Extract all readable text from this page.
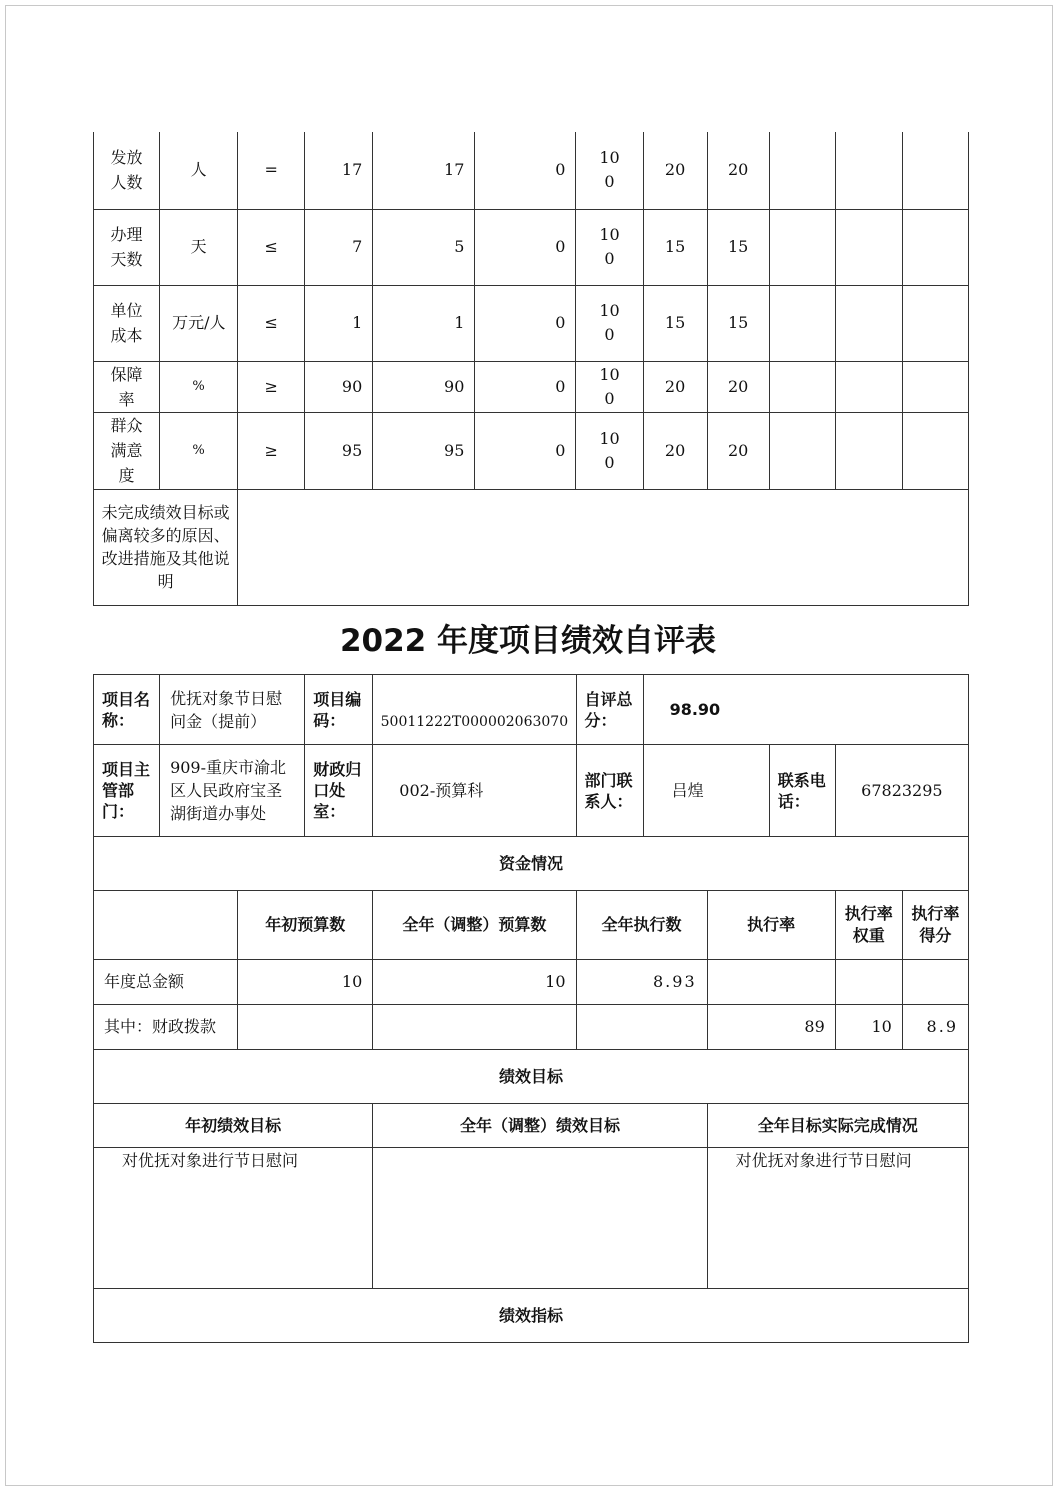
发放人数	人	=	17	17	0	100	20	20			
办理天数	天	≤	7	5	0	100	15	15			
单位成本	万元/人	≤	1	1	0	100	15	15			
保障率	%	≥	90	90	0	100	20	20			
群众满意度	%	≥	95	95	0	100	20	20			
未完成绩效目标或偏离较多的原因、改进措施及其他说明											
2022 年度项目绩效自评表
项目名称：	优抚对象节日慰问金（提前）		项目编码：	50011222T000002063070	自评总分：	98.90				
项目主管部门：	909-重庆市渝北区人民政府宝圣湖街道办事处		财政归口处室：	002-预算科	部门联系人：	吕煌		联系电话：	67823295	
资金情况										
		年初预算数		全年（调整）预算数	全年执行数		执行率		执行率权重	执行率得分
年度总金额		10		10	8.93					
其中：财政拨款							89		10	8.9
绩效目标										
年初绩效目标				全年（调整）绩效目标			全年目标实际完成情况			
对优抚对象进行节日慰问							对优抚对象进行节日慰问			
绩效指标										
